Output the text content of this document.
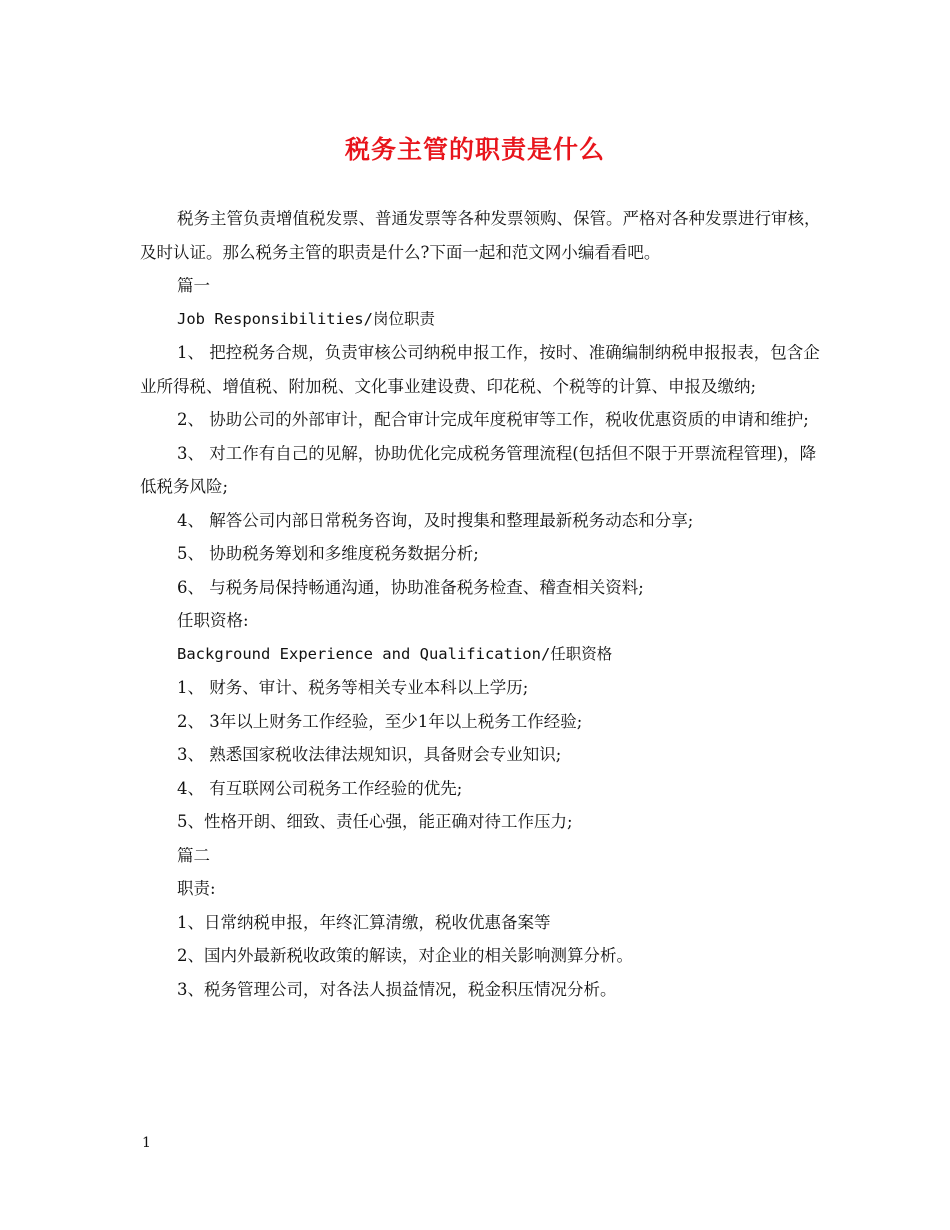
税务主管的职责是什么

税务主管负责增值税发票、普通发票等各种发票领购、保管。严格对各种发票进行审核，及时认证。那么税务主管的职责是什么?下面一起和范文网小编看看吧。

篇一

Job Responsibilities/岗位职责

1、 把控税务合规，负责审核公司纳税申报工作，按时、准确编制纳税申报报表，包含企业所得税、增值税、附加税、文化事业建设费、印花税、个税等的计算、申报及缴纳;

2、 协助公司的外部审计，配合审计完成年度税审等工作，税收优惠资质的申请和维护;

3、 对工作有自己的见解，协助优化完成税务管理流程(包括但不限于开票流程管理)，降低税务风险;

4、 解答公司内部日常税务咨询，及时搜集和整理最新税务动态和分享;

5、 协助税务筹划和多维度税务数据分析;

6、 与税务局保持畅通沟通，协助准备税务检查、稽查相关资料;

任职资格:

Background Experience and Qualification/任职资格

1、 财务、审计、税务等相关专业本科以上学历;

2、 3年以上财务工作经验，至少1年以上税务工作经验;

3、 熟悉国家税收法律法规知识，具备财会专业知识;

4、 有互联网公司税务工作经验的优先;

5、性格开朗、细致、责任心强，能正确对待工作压力;

篇二

职责:

1、日常纳税申报，年终汇算清缴，税收优惠备案等

2、国内外最新税收政策的解读，对企业的相关影响测算分析。

3、税务管理公司，对各法人损益情况，税金积压情况分析。

1
